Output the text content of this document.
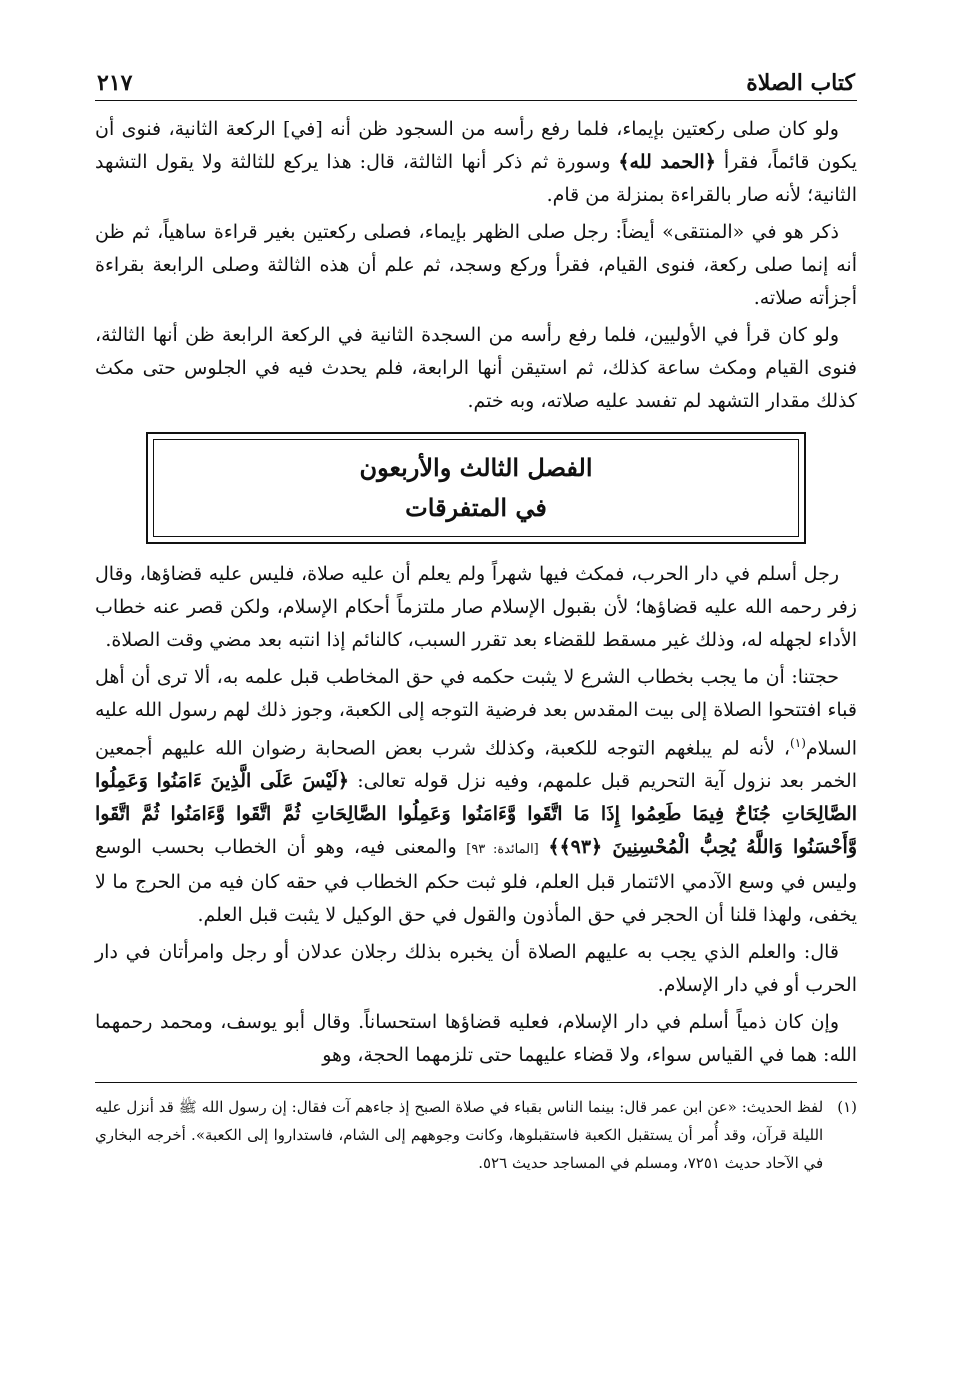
كتاب الصلاة
٢١٧

ولو كان صلى ركعتين بإيماء، فلما رفع رأسه من السجود ظن أنه [في] الركعة الثانية، فنوى أن يكون قائماً، فقرأ ﴿الحمد لله﴾ وسورة ثم ذكر أنها الثالثة، قال: هذا يركع للثالثة ولا يقول التشهد الثانية؛ لأنه صار بالقراءة بمنزلة من قام.

ذكر هو في «المنتقى» أيضاً: رجل صلى الظهر بإيماء، فصلى ركعتين بغير قراءة ساهياً، ثم ظن أنه إنما صلى ركعة، فنوى القيام، فقرأ وركع وسجد، ثم علم أن هذه الثالثة وصلى الرابعة بقراءة أجزأته صلاته.

ولو كان قرأ في الأوليين، فلما رفع رأسه من السجدة الثانية في الركعة الرابعة ظن أنها الثالثة، فنوى القيام ومكث ساعة كذلك، ثم استيقن أنها الرابعة، فلم يحدث فيه في الجلوس حتى مكث كذلك مقدار التشهد لم تفسد عليه صلاته، وبه ختم.

الفصل الثالث والأربعون
في المتفرقات

رجل أسلم في دار الحرب، فمكث فيها شهراً ولم يعلم أن عليه صلاة، فليس عليه قضاؤها، وقال زفر رحمه الله عليه قضاؤها؛ لأن بقبول الإسلام صار ملتزماً أحكام الإسلام، ولكن قصر عنه خطاب الأداء لجهله له، وذلك غير مسقط للقضاء بعد تقرر السبب، كالنائم إذا انتبه بعد مضي وقت الصلاة.

حجتنا: أن ما يجب بخطاب الشرع لا يثبت حكمه في حق المخاطب قبل علمه به، ألا ترى أن أهل قباء افتتحوا الصلاة إلى بيت المقدس بعد فرضية التوجه إلى الكعبة، وجوز ذلك لهم رسول الله عليه السلام$^{(١)}$، لأنه لم يبلغهم التوجه للكعبة، وكذلك شرب بعض الصحابة رضوان الله عليهم أجمعين الخمر بعد نزول آية التحريم قبل علمهم، وفيه نزل قوله تعالى: ﴿لَيْسَ عَلَى الَّذِينَ ءَامَنُوا وَعَمِلُوا الصَّالِحَاتِ جُنَاحٌ فِيمَا طَعِمُوا إِذَا مَا اتَّقَوا وَّءَامَنُوا وَعَمِلُوا الصَّالِحَاتِ ثُمَّ اتَّقَوا وَّءَامَنُوا ثُمَّ اتَّقَوا وَّأَحْسَنُوا وَاللَّهُ يُحِبُّ الْمُحْسِنِينَ ﴿٩٣﴾﴾ [المائدة: ٩٣] والمعنى فيه، وهو أن الخطاب بحسب الوسع وليس في وسع الآدمي الائتمار قبل العلم، فلو ثبت حكم الخطاب في حقه كان فيه من الحرج ما لا يخفى، ولهذا قلنا أن الحجر في حق المأذون والقول في حق الوكيل لا يثبت قبل العلم.

قال: والعلم الذي يجب به عليهم الصلاة أن يخبره بذلك رجلان عدلان أو رجل وامرأتان في دار الحرب أو في دار الإسلام.

وإن كان ذمياً أسلم في دار الإسلام، فعليه قضاؤها استحساناً. وقال أبو يوسف، ومحمد رحمهما الله: هما في القياس سواء، ولا قضاء عليهما حتى تلزمهما الحجة، وهو

(١)
لفظ الحديث: «عن ابن عمر قال: بينما الناس بقباء في صلاة الصبح إذ جاءهم آت فقال: إن رسول الله ﷺ قد أنزل عليه الليلة قرآن، وقد أُمر أن يستقبل الكعبة فاستقبلوها، وكانت وجوههم إلى الشام، فاستداروا إلى الكعبة». أخرجه البخاري في الآحاد حديث ٧٢٥١، ومسلم في المساجد حديث ٥٢٦.
